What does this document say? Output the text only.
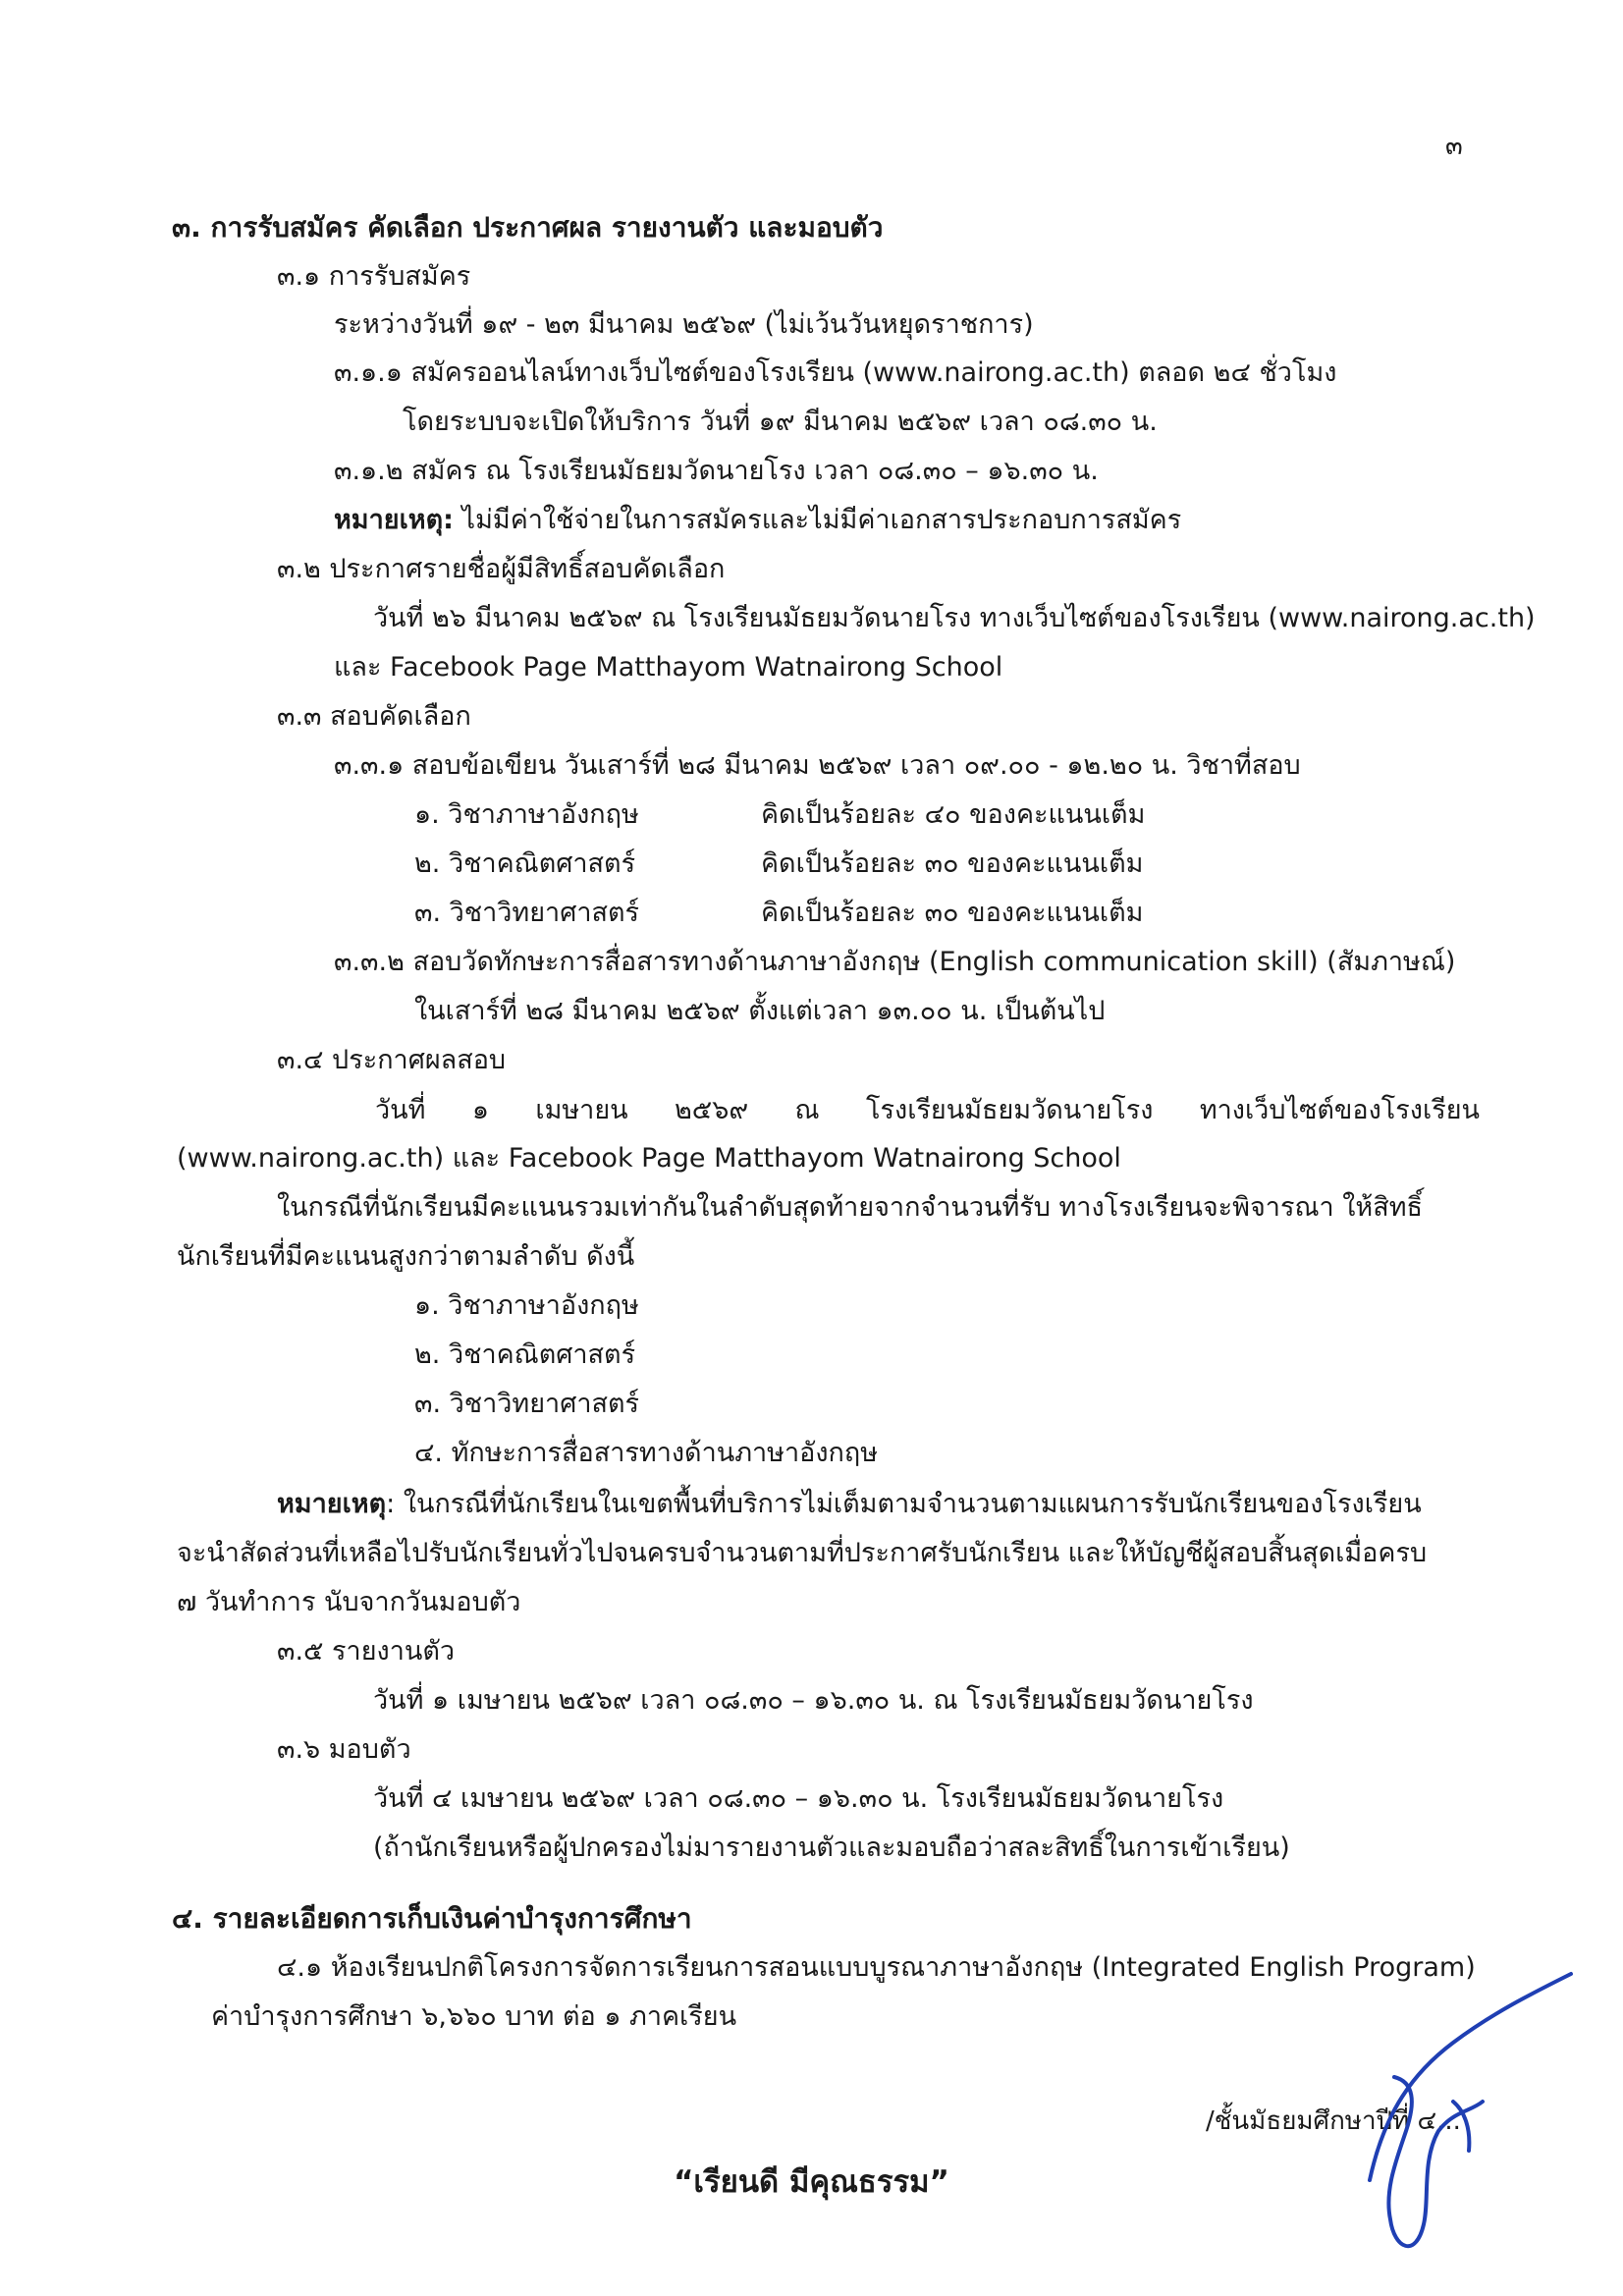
๓
๓. การรับสมัคร คัดเลือก ประกาศผล รายงานตัว และมอบตัว
๓.๑ การรับสมัคร
ระหว่างวันที่ ๑๙ - ๒๓ มีนาคม ๒๕๖๙ (ไม่เว้นวันหยุดราชการ)
๓.๑.๑ สมัครออนไลน์ทางเว็บไซต์ของโรงเรียน (www.nairong.ac.th) ตลอด ๒๔ ชั่วโมง
โดยระบบจะเปิดให้บริการ วันที่ ๑๙ มีนาคม ๒๕๖๙ เวลา ๐๘.๓๐ น.
๓.๑.๒ สมัคร ณ โรงเรียนมัธยมวัดนายโรง เวลา ๐๘.๓๐ – ๑๖.๓๐ น.
หมายเหตุ: ไม่มีค่าใช้จ่ายในการสมัครและไม่มีค่าเอกสารประกอบการสมัคร
๓.๒ ประกาศรายชื่อผู้มีสิทธิ์สอบคัดเลือก
วันที่ ๒๖ มีนาคม ๒๕๖๙ ณ โรงเรียนมัธยมวัดนายโรง ทางเว็บไซต์ของโรงเรียน (www.nairong.ac.th)
และ Facebook Page Matthayom Watnairong School
๓.๓ สอบคัดเลือก
๓.๓.๑ สอบข้อเขียน วันเสาร์ที่ ๒๘ มีนาคม ๒๕๖๙ เวลา ๐๙.๐๐ - ๑๒.๒๐ น. วิชาที่สอบ
๑. วิชาภาษาอังกฤษ	คิดเป็นร้อยละ ๔๐ ของคะแนนเต็ม
๒. วิชาคณิตศาสตร์	คิดเป็นร้อยละ ๓๐ ของคะแนนเต็ม
๓. วิชาวิทยาศาสตร์	คิดเป็นร้อยละ ๓๐ ของคะแนนเต็ม
๓.๓.๒ สอบวัดทักษะการสื่อสารทางด้านภาษาอังกฤษ (English communication skill) (สัมภาษณ์)
ในเสาร์ที่ ๒๘ มีนาคม ๒๕๖๙ ตั้งแต่เวลา ๑๓.๐๐ น. เป็นต้นไป
๓.๔ ประกาศผลสอบ
วันที่ ๑ เมษายน ๒๕๖๙ ณ โรงเรียนมัธยมวัดนายโรง ทางเว็บไซต์ของโรงเรียน
(www.nairong.ac.th) และ Facebook Page Matthayom Watnairong School
ในกรณีที่นักเรียนมีคะแนนรวมเท่ากันในลำดับสุดท้ายจากจำนวนที่รับ ทางโรงเรียนจะพิจารณา ให้สิทธิ์
นักเรียนที่มีคะแนนสูงกว่าตามลำดับ ดังนี้
๑. วิชาภาษาอังกฤษ
๒. วิชาคณิตศาสตร์
๓. วิชาวิทยาศาสตร์
๔. ทักษะการสื่อสารทางด้านภาษาอังกฤษ
หมายเหตุ: ในกรณีที่นักเรียนในเขตพื้นที่บริการไม่เต็มตามจำนวนตามแผนการรับนักเรียนของโรงเรียน
จะนำสัดส่วนที่เหลือไปรับนักเรียนทั่วไปจนครบจำนวนตามที่ประกาศรับนักเรียน และให้บัญชีผู้สอบสิ้นสุดเมื่อครบ
๗ วันทำการ นับจากวันมอบตัว
๓.๕ รายงานตัว
วันที่ ๑ เมษายน ๒๕๖๙ เวลา ๐๘.๓๐ – ๑๖.๓๐ น. ณ โรงเรียนมัธยมวัดนายโรง
๓.๖ มอบตัว
วันที่ ๔ เมษายน ๒๕๖๙ เวลา ๐๘.๓๐ – ๑๖.๓๐ น. โรงเรียนมัธยมวัดนายโรง
(ถ้านักเรียนหรือผู้ปกครองไม่มารายงานตัวและมอบถือว่าสละสิทธิ์ในการเข้าเรียน)
๔. รายละเอียดการเก็บเงินค่าบำรุงการศึกษา
๔.๑ ห้องเรียนปกติโครงการจัดการเรียนการสอนแบบบูรณาภาษาอังกฤษ (Integrated English Program)
ค่าบำรุงการศึกษา ๖,๖๖๐ บาท ต่อ ๑ ภาคเรียน
/ชั้นมัธยมศึกษาปีที่ ๔...
“เรียนดี มีคุณธรรม”
